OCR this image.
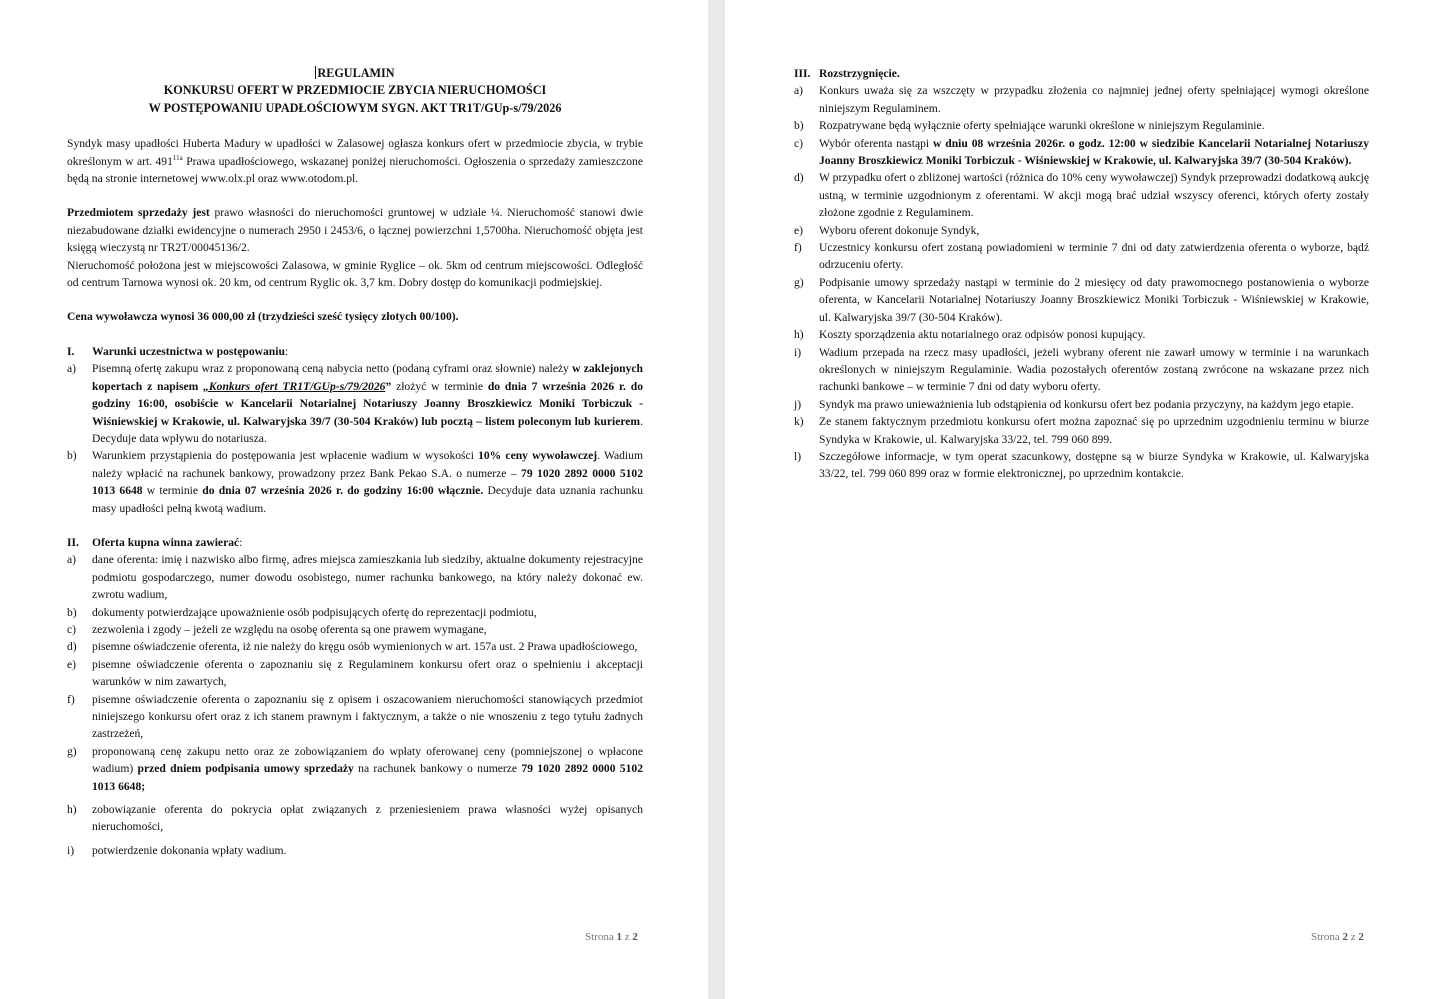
REGULAMIN
KONKURSU OFERT W PRZEDMIOCIE ZBYCIA NIERUCHOMOŚCI
W POSTĘPOWANIU UPADŁOŚCIOWYM SYGN. AKT TR1T/GUp-s/79/2026

Syndyk masy upadłości Huberta Madury w upadłości w Zalasowej ogłasza konkurs ofert w przedmiocie zbycia, w trybie określonym w art. $491^{11a}$ Prawa upadłościowego, wskazanej poniżej nieruchomości. Ogłoszenia o sprzedaży zamieszczone będą na stronie internetowej www.olx.pl oraz www.otodom.pl.

Przedmiotem sprzedaży jest prawo własności do nieruchomości gruntowej w udziale ¼. Nieruchomość stanowi dwie niezabudowane działki ewidencyjne o numerach 2950 i 2453/6, o łącznej powierzchni 1,5700ha. Nieruchomość objęta jest księgą wieczystą nr TR2T/00045136/2.

Nieruchomość położona jest w miejscowości Zalasowa, w gminie Ryglice – ok. 5km od centrum miejscowości. Odległość od centrum Tarnowa wynosi ok. 20 km, od centrum Ryglic ok. 3,7 km. Dobry dostęp do komunikacji podmiejskiej.

Cena wywoławcza wynosi 36 000,00 zł (trzydzieści sześć tysięcy złotych 00/100).

I. Warunki uczestnictwa w postępowaniu:
a) Pisemną ofertę zakupu wraz z proponowaną ceną nabycia netto (podaną cyframi oraz słownie) należy w zaklejonych kopertach z napisem „Konkurs ofert TR1T/GUp-s/79/2026” złożyć w terminie do dnia 7 września 2026 r. do godziny 16:00, osobiście w Kancelarii Notarialnej Notariuszy Joanny Broszkiewicz Moniki Torbiczuk - Wiśniewskiej w Krakowie, ul. Kalwaryjska 39/7 (30-504 Kraków) lub pocztą – listem poleconym lub kurierem. Decyduje data wpływu do notariusza.
b) Warunkiem przystąpienia do postępowania jest wpłacenie wadium w wysokości 10% ceny wywoławczej. Wadium należy wpłacić na rachunek bankowy, prowadzony przez Bank Pekao S.A. o numerze – 79 1020 2892 0000 5102 1013 6648 w terminie do dnia 07 września 2026 r. do godziny 16:00 włącznie. Decyduje data uznania rachunku masy upadłości pełną kwotą wadium.
II. Oferta kupna winna zawierać:
a) dane oferenta: imię i nazwisko albo firmę, adres miejsca zamieszkania lub siedziby, aktualne dokumenty rejestracyjne podmiotu gospodarczego, numer dowodu osobistego, numer rachunku bankowego, na który należy dokonać ew. zwrotu wadium,
b) dokumenty potwierdzające upoważnienie osób podpisujących ofertę do reprezentacji podmiotu,
c) zezwolenia i zgody – jeżeli ze względu na osobę oferenta są one prawem wymagane,
d) pisemne oświadczenie oferenta, iż nie należy do kręgu osób wymienionych w art. 157a ust. 2 Prawa upadłościowego,
e) pisemne oświadczenie oferenta o zapoznaniu się z Regulaminem konkursu ofert oraz o spełnieniu i akceptacji warunków w nim zawartych,
f) pisemne oświadczenie oferenta o zapoznaniu się z opisem i oszacowaniem nieruchomości stanowiących przedmiot niniejszego konkursu ofert oraz z ich stanem prawnym i faktycznym, a także o nie wnoszeniu z tego tytułu żadnych zastrzeżeń,
g) proponowaną cenę zakupu netto oraz ze zobowiązaniem do wpłaty oferowanej ceny (pomniejszonej o wpłacone wadium) przed dniem podpisania umowy sprzedaży na rachunek bankowy o numerze 79 1020 2892 0000 5102 1013 6648;
h) zobowiązanie oferenta do pokrycia opłat związanych z przeniesieniem prawa własności wyżej opisanych nieruchomości,
i) potwierdzenie dokonania wpłaty wadium.
Strona 1 z 2
III. Rozstrzygnięcie.
a) Konkurs uważa się za wszczęty w przypadku złożenia co najmniej jednej oferty spełniającej wymogi określone niniejszym Regulaminem.
b) Rozpatrywane będą wyłącznie oferty spełniające warunki określone w niniejszym Regulaminie.
c) Wybór oferenta nastąpi w dniu 08 września 2026r. o godz. 12:00 w siedzibie Kancelarii Notarialnej Notariuszy Joanny Broszkiewicz Moniki Torbiczuk - Wiśniewskiej w Krakowie, ul. Kalwaryjska 39/7 (30-504 Kraków).
d) W przypadku ofert o zbliżonej wartości (różnica do 10% ceny wywoławczej) Syndyk przeprowadzi dodatkową aukcję ustną, w terminie uzgodnionym z oferentami. W akcji mogą brać udział wszyscy oferenci, których oferty zostały złożone zgodnie z Regulaminem.
e) Wyboru oferent dokonuje Syndyk,
f) Uczestnicy konkursu ofert zostaną powiadomieni w terminie 7 dni od daty zatwierdzenia oferenta o wyborze, bądź odrzuceniu oferty.
g) Podpisanie umowy sprzedaży nastąpi w terminie do 2 miesięcy od daty prawomocnego postanowienia o wyborze oferenta, w Kancelarii Notarialnej Notariuszy Joanny Broszkiewicz Moniki Torbiczuk - Wiśniewskiej w Krakowie, ul. Kalwaryjska 39/7 (30-504 Kraków).
h) Koszty sporządzenia aktu notarialnego oraz odpisów ponosi kupujący.
i) Wadium przepada na rzecz masy upadłości, jeżeli wybrany oferent nie zawarł umowy w terminie i na warunkach określonych w niniejszym Regulaminie. Wadia pozostałych oferentów zostaną zwrócone na wskazane przez nich rachunki bankowe – w terminie 7 dni od daty wyboru oferty.
j) Syndyk ma prawo unieważnienia lub odstąpienia od konkursu ofert bez podania przyczyny, na każdym jego etapie.
k) Ze stanem faktycznym przedmiotu konkursu ofert można zapoznać się po uprzednim uzgodnieniu terminu w biurze Syndyka w Krakowie, ul. Kalwaryjska 33/22, tel. 799 060 899.
l) Szczegółowe informacje, w tym operat szacunkowy, dostępne są w biurze Syndyka w Krakowie, ul. Kalwaryjska 33/22, tel. 799 060 899 oraz w formie elektronicznej, po uprzednim kontakcie.
Strona 2 z 2
